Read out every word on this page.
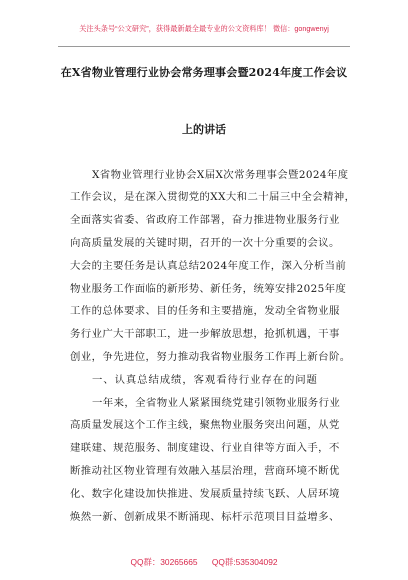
关注头条号“公文研究”，获得最新最全最专业的公文资料库！ 微信：gongwenyj
在X省物业管理行业协会常务理事会暨2024年度工作会议
上的讲话
X省物业管理行业协会X届X次常务理事会暨2024年度
工作会议，是在深入贯彻党的XX大和二十届三中全会精神，
全面落实省委、省政府工作部署，奋力推进物业服务行业
向高质量发展的关键时期，召开的一次十分重要的会议。
大会的主要任务是认真总结2024年度工作，深入分析当前
物业服务工作面临的新形势、新任务，统筹安排2025年度
工作的总体要求、目的任务和主要措施，发动全省物业服
务行业广大干部职工，进一步解放思想，抢抓机遇，干事
创业，争先进位，努力推动我省物业服务工作再上新台阶。
一、认真总结成绩，客观看待行业存在的问题
一年来，全省物业人紧紧围绕党建引领物业服务行业
高质量发展这个工作主线，聚焦物业服务突出问题，从党
建联建、规范服务、制度建设、行业自律等方面入手，不
断推动社区物业管理有效融入基层治理，营商环境不断优
化、数字化建设加快推进、发展质量持续飞跃、人居环境
焕然一新、创新成果不断涌现、标杆示范项目目益增多、
QQ群：30265665 QQ群:535304092
